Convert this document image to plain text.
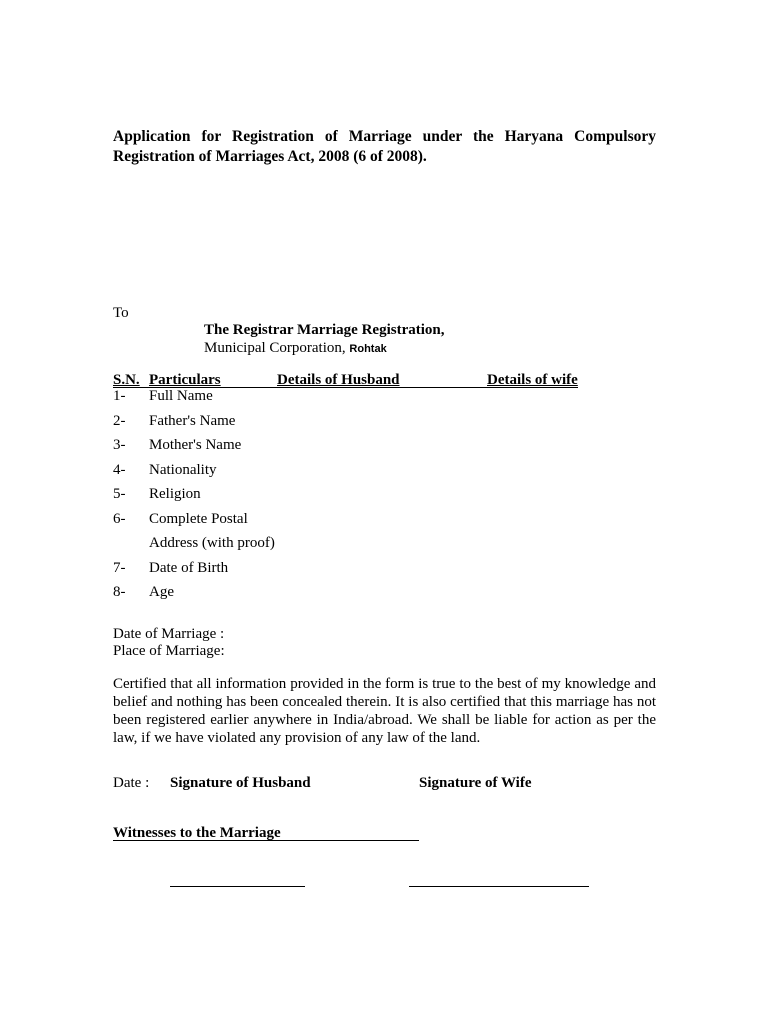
Application for Registration of Marriage under the Haryana Compulsory Registration of Marriages Act, 2008 (6 of 2008).
To
The Registrar Marriage Registration,
Municipal Corporation, Rohtak
S.N. Particulars	Details of Husband	Details of wife
1- Full Name
2- Father's Name
3- Mother's Name
4- Nationality
5- Religion
6- Complete Postal
Address (with proof)
7- Date of Birth
8- Age
Date of Marriage :
Place of Marriage:
Certified that all information provided in the form is true to the best of my knowledge and belief and nothing has been concealed therein. It is also certified that this marriage has not been registered earlier anywhere in India/abroad. We shall be liable for action as per the law, if we have violated any provision of any law of the land.
Date : Signature of Husband	Signature of Wife
Witnesses to the Marriage
